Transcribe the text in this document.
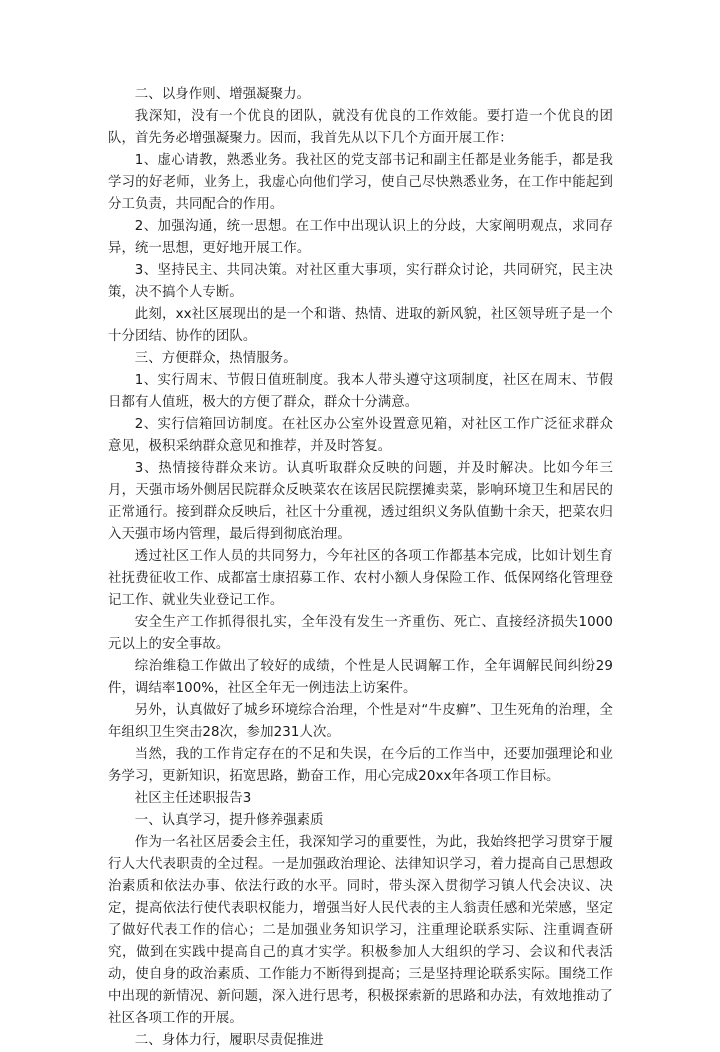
二、以身作则、增强凝聚力。

我深知，没有一个优良的团队，就没有优良的工作效能。要打造一个优良的团队，首先务必增强凝聚力。因而，我首先从以下几个方面开展工作：

1、虚心请教，熟悉业务。我社区的党支部书记和副主任都是业务能手，都是我学习的好老师，业务上，我虚心向他们学习，使自己尽快熟悉业务，在工作中能起到分工负责，共同配合的作用。

2、加强沟通，统一思想。在工作中出现认识上的分歧，大家阐明观点，求同存异，统一思想，更好地开展工作。

3、坚持民主、共同决策。对社区重大事项，实行群众讨论，共同研究，民主决策，决不搞个人专断。

此刻，xx社区展现出的是一个和谐、热情、进取的新风貌，社区领导班子是一个十分团结、协作的团队。

三、方便群众，热情服务。

1、实行周末、节假日值班制度。我本人带头遵守这项制度，社区在周末、节假日都有人值班，极大的方便了群众，群众十分满意。

2、实行信箱回访制度。在社区办公室外设置意见箱，对社区工作广泛征求群众意见，极积采纳群众意见和推荐，并及时答复。

3、热情接待群众来访。认真听取群众反映的问题，并及时解决。比如今年三月，天强市场外侧居民院群众反映菜农在该居民院摆摊卖菜，影响环境卫生和居民的正常通行。接到群众反映后，社区十分重视，透过组织义务队值勤十余天，把菜农归入天强市场内管理，最后得到彻底治理。

透过社区工作人员的共同努力，今年社区的各项工作都基本完成，比如计划生育社抚费征收工作、成都富士康招募工作、农村小额人身保险工作、低保网络化管理登记工作、就业失业登记工作。

安全生产工作抓得很扎实，全年没有发生一齐重伤、死亡、直接经济损失1000元以上的安全事故。

综治维稳工作做出了较好的成绩，个性是人民调解工作，全年调解民间纠纷29件，调结率100%，社区全年无一例违法上访案件。

另外，认真做好了城乡环境综合治理，个性是对“牛皮癣”、卫生死角的治理，全年组织卫生突击28次，参加231人次。

当然，我的工作肯定存在的不足和失误，在今后的工作当中，还要加强理论和业务学习，更新知识，拓宽思路，勤奋工作，用心完成20xx年各项工作目标。

社区主任述职报告3

一、认真学习，提升修养强素质

作为一名社区居委会主任，我深知学习的重要性，为此，我始终把学习贯穿于履行人大代表职责的全过程。一是加强政治理论、法律知识学习，着力提高自己思想政治素质和依法办事、依法行政的水平。同时，带头深入贯彻学习镇人代会决议、决定，提高依法行使代表职权能力，增强当好人民代表的主人翁责任感和光荣感，坚定了做好代表工作的信心；二是加强业务知识学习，注重理论联系实际、注重调查研究，做到在实践中提高自己的真才实学。积极参加人大组织的学习、会议和代表活动，使自身的政治素质、工作能力不断得到提高；三是坚持理论联系实际。围绕工作中出现的新情况、新问题，深入进行思考，积极探索新的思路和办法，有效地推动了社区各项工作的开展。

二、身体力行，履职尽责促推进
